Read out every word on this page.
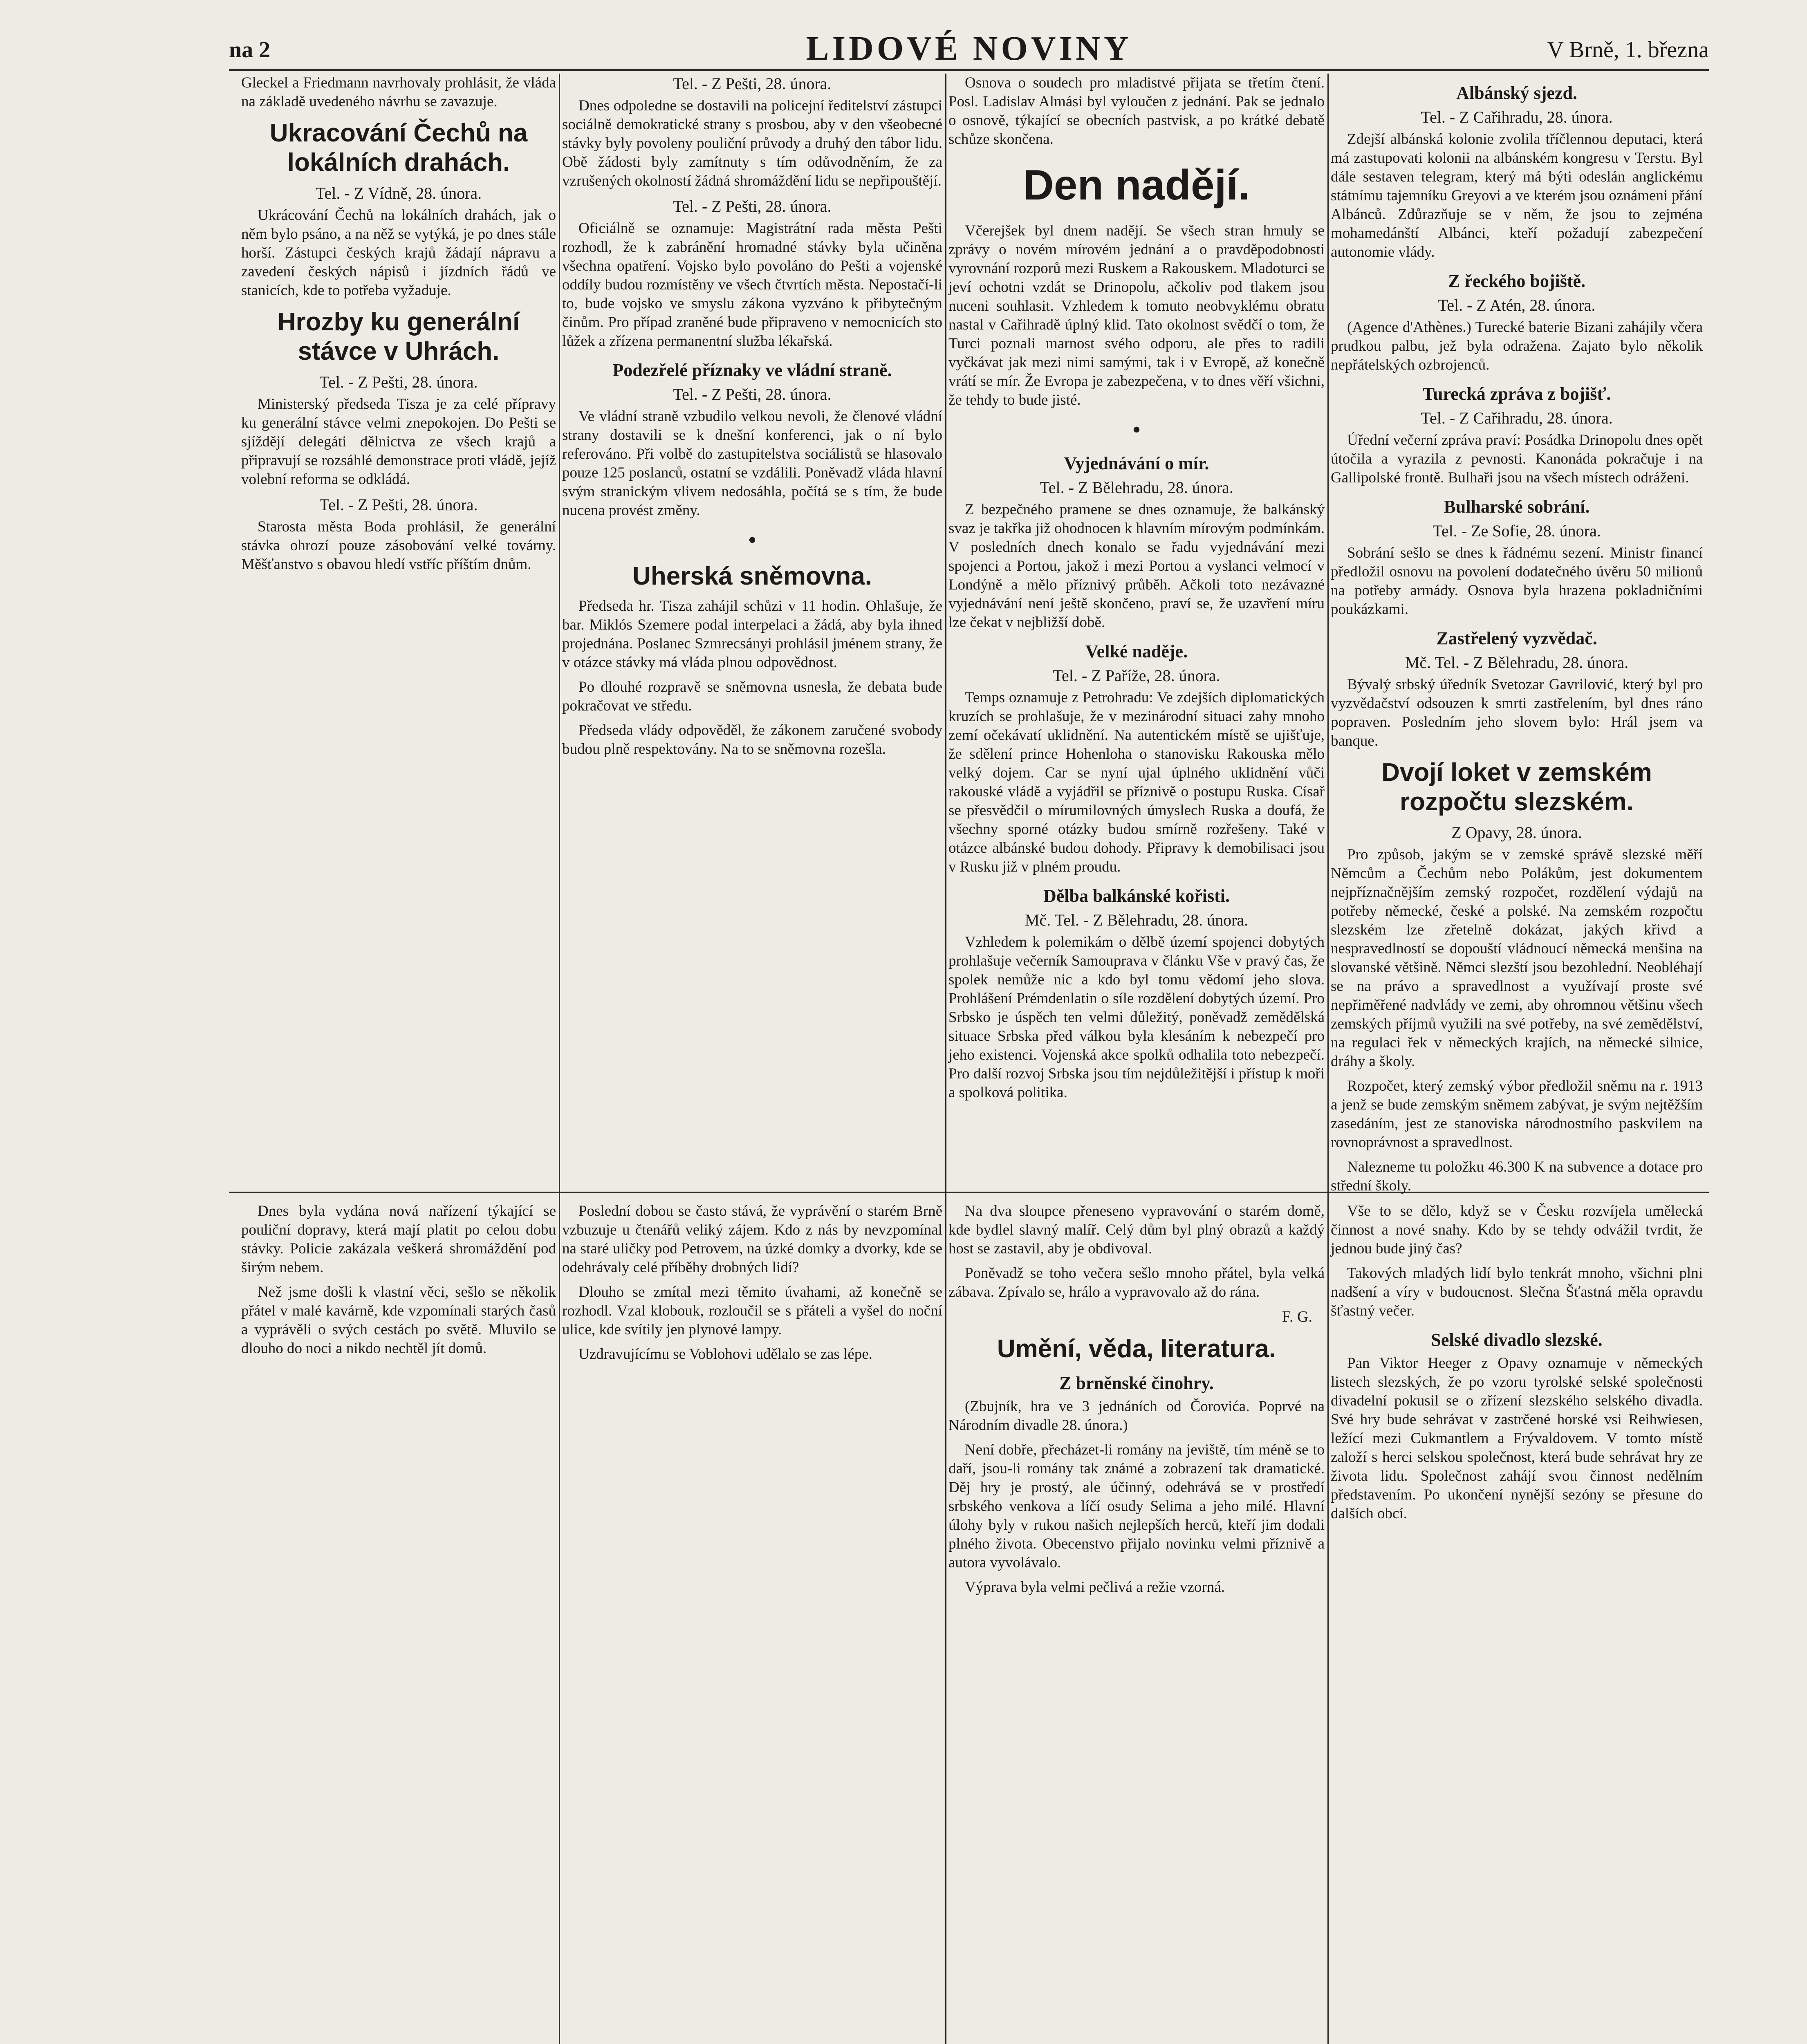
na 2	LIDOVÉ NOVINY	V Brně, 1. března

Gleckel a Friedmann navrhovaly prohlásit, že vláda na základě uvedeného návrhu se zavazuje.

Ukracování Čechů na lokálních drahách.
Tel. - Z Vídně, 28. února.

Ukrácování Čechů na lokálních drahách, jak o něm bylo psáno, a na něž se vytýká, je po dnes stále horší. Zástupci českých krajů žádají nápravu a zavedení českých nápisů i jízdních řádů ve stanicích, kde to potřeba vyžaduje.

Hrozby ku generální stávce v Uhrách.
Tel. - Z Pešti, 28. února.

Ministerský předseda Tisza je za celé přípravy ku generální stávce velmi znepokojen. Do Pešti se sjíždějí delegáti dělnictva ze všech krajů a připravují se rozsáhlé demonstrace proti vládě, jejíž volební reforma se odkládá.

Tel. - Z Pešti, 28. února.

Starosta města Boda prohlásil, že generální stávka ohrozí pouze zásobování velké továrny. Měšťanstvo s obavou hledí vstříc příštím dnům.

Dnes byla vydána nová nařízení týkající se pouliční dopravy, která mají platit po celou dobu stávky. Policie zakázala veškerá shromáždění pod širým nebem.

Než jsme došli k vlastní věci, sešlo se několik přátel v malé kavárně, kde vzpomínali starých časů a vyprávěli o svých cestách po světě. Mluvilo se dlouho do noci a nikdo nechtěl jít domů.

Tel. - Z Pešti, 28. února.

Dnes odpoledne se dostavili na policejní ředitelství zástupci sociálně demokratické strany s prosbou, aby v den všeobecné stávky byly povoleny pouliční průvody a druhý den tábor lidu. Obě žádosti byly zamítnuty s tím odůvodněním, že za vzrušených okolností žádná shromáždění lidu se nepřipouštějí.

Tel. - Z Pešti, 28. února.

Oficiálně se oznamuje: Magistrátní rada města Pešti rozhodl, že k zabránění hromadné stávky byla učiněna všechna opatření. Vojsko bylo povoláno do Pešti a vojenské oddíly budou rozmístěny ve všech čtvrtích města. Nepostačí-li to, bude vojsko ve smyslu zákona vyzváno k přibytečným činům. Pro případ zraněné bude připraveno v nemocnicích sto lůžek a zřízena permanentní služba lékařská.

Podezřelé příznaky ve vládní straně.
Tel. - Z Pešti, 28. února.

Ve vládní straně vzbudilo velkou nevoli, že členové vládní strany dostavili se k dnešní konferenci, jak o ní bylo referováno. Při volbě do zastupitelstva sociálistů se hlasovalo pouze 125 poslanců, ostatní se vzdálili. Poněvadž vláda hlavní svým stranickým vlivem nedosáhla, počítá se s tím, že bude nucena provést změny.

•
Uherská sněmovna.

Předseda hr. Tisza zahájil schůzi v 11 hodin. Ohlašuje, že bar. Miklós Szemere podal interpelaci a žádá, aby byla ihned projednána. Poslanec Szmrecsányi prohlásil jménem strany, že v otázce stávky má vláda plnou odpovědnost.

Po dlouhé rozpravě se sněmovna usnesla, že debata bude pokračovat ve středu.

Předseda vlády odpověděl, že zákonem zaručené svobody budou plně respektovány. Na to se sněmovna rozešla.

Poslední dobou se často stává, že vyprávění o starém Brně vzbuzuje u čtenářů veliký zájem. Kdo z nás by nevzpomínal na staré uličky pod Petrovem, na úzké domky a dvorky, kde se odehrávaly celé příběhy drobných lidí?

Dlouho se zmítal mezi těmito úvahami, až konečně se rozhodl. Vzal klobouk, rozloučil se s přáteli a vyšel do noční ulice, kde svítily jen plynové lampy.

Uzdravujícímu se Voblohovi udělalo se zas lépe.

Osnova o soudech pro mladistvé přijata se třetím čtení. Posl. Ladislav Almási byl vyloučen z jednání. Pak se jednalo o osnově, týkající se obecních pastvisk, a po krátké debatě schůze skončena.

Den nadějí.

Včerejšek byl dnem nadějí. Se všech stran hrnuly se zprávy o novém mírovém jednání a o pravděpodobnosti vyrovnání rozporů mezi Ruskem a Rakouskem. Mladoturci se jeví ochotni vzdát se Drinopolu, ačkoliv pod tlakem jsou nuceni souhlasit. Vzhledem k tomuto neobvyklému obratu nastal v Cařihradě úplný klid. Tato okolnost svědčí o tom, že Turci poznali marnost svého odporu, ale přes to radili vyčkávat jak mezi nimi samými, tak i v Evropě, až konečně vrátí se mír. Že Evropa je zabezpečena, v to dnes věří všichni, že tehdy to bude jisté.

•
Vyjednávání o mír.
Tel. - Z Bělehradu, 28. února.

Z bezpečného pramene se dnes oznamuje, že balkánský svaz je takřka již ohodnocen k hlavním mírovým podmínkám. V posledních dnech konalo se řadu vyjednávání mezi spojenci a Portou, jakož i mezi Portou a vyslanci velmocí v Londýně a mělo příznivý průběh. Ačkoli toto nezávazné vyjednávání není ještě skončeno, praví se, že uzavření míru lze čekat v nejbližší době.

Velké naděje.
Tel. - Z Paříže, 28. února.

Temps oznamuje z Petrohradu: Ve zdejších diplomatických kruzích se prohlašuje, že v mezinárodní situaci zahy mnoho zemí očekávatí uklidnění. Na autentickém místě se ujišťuje, že sdělení prince Hohenloha o stanovisku Rakouska mělo velký dojem. Car se nyní ujal úplného uklidnění vůči rakouské vládě a vyjádřil se příznivě o postupu Ruska. Císař se přesvědčil o mírumilovných úmyslech Ruska a doufá, že všechny sporné otázky budou smírně rozřešeny. Také v otázce albánské budou dohody. Připravy k demobilisaci jsou v Rusku již v plném proudu.

Dělba balkánské kořisti.
Mč. Tel. - Z Bělehradu, 28. února.

Vzhledem k polemikám o dělbě území spojenci dobytých prohlašuje večerník Samouprava v článku Vše v pravý čas, že spolek nemůže nic a kdo byl tomu vědomí jeho slova. Prohlášení Prémdenlatin o síle rozdělení dobytých území. Pro Srbsko je úspěch ten velmi důležitý, poněvadž zemědělská situace Srbska před válkou byla klesáním k nebezpečí pro jeho existenci. Vojenská akce spolků odhalila toto nebezpečí. Pro další rozvoj Srbska jsou tím nejdůležitější i přístup k moři a spolková politika.

Na dva sloupce přeneseno vypravování o starém domě, kde bydlel slavný malíř. Celý dům byl plný obrazů a každý host se zastavil, aby je obdivoval.

Poněvadž se toho večera sešlo mnoho přátel, byla velká zábava. Zpívalo se, hrálo a vypravovalo až do rána.

F. G.
Umění, věda, literatura.
Z brněnské činohry.

(Zbujník, hra ve 3 jednáních od Čorovića. Poprvé na Národním divadle 28. února.)

Není dobře, přecházet-li romány na jeviště, tím méně se to daří, jsou-li romány tak známé a zobrazení tak dramatické. Děj hry je prostý, ale účinný, odehrává se v prostředí srbského venkova a líčí osudy Selima a jeho milé. Hlavní úlohy byly v rukou našich nejlepších herců, kteří jim dodali plného života. Obecenstvo přijalo novinku velmi příznivě a autora vyvolávalo.

Výprava byla velmi pečlivá a režie vzorná.

Albánský sjezd.
Tel. - Z Cařihradu, 28. února.

Zdejší albánská kolonie zvolila tříčlennou deputaci, která má zastupovati kolonii na albánském kongresu v Terstu. Byl dále sestaven telegram, který má býti odeslán anglickému státnímu tajemníku Greyovi a ve kterém jsou oznámeni přání Albánců. Zdůrazňuje se v něm, že jsou to zejména mohamedánští Albánci, kteří požadují zabezpečení autonomie vlády.

Z řeckého bojiště.
Tel. - Z Atén, 28. února.

(Agence d'Athènes.) Turecké baterie Bizani zahájily včera prudkou palbu, jež byla odražena. Zajato bylo několik nepřátelských ozbrojenců.

Turecká zpráva z bojišť.
Tel. - Z Cařihradu, 28. února.

Úřední večerní zpráva praví: Posádka Drinopolu dnes opět útočila a vyrazila z pevnosti. Kanonáda pokračuje i na Gallipolské frontě. Bulhaři jsou na všech místech odráženi.

Bulharské sobrání.
Tel. - Ze Sofie, 28. února.

Sobrání sešlo se dnes k řádnému sezení. Ministr financí předložil osnovu na povolení dodatečného úvěru 50 milionů na potřeby armády. Osnova byla hrazena pokladničními poukázkami.

Zastřelený vyzvědač.
Mč. Tel. - Z Bělehradu, 28. února.

Bývalý srbský úředník Svetozar Gavrilović, který byl pro vyzvědačství odsouzen k smrti zastřelením, byl dnes ráno popraven. Posledním jeho slovem bylo: Hrál jsem va banque.

Dvojí loket v zemském rozpočtu slezském.
Z Opavy, 28. února.

Pro způsob, jakým se v zemské správě slezské měří Němcům a Čechům nebo Polákům, jest dokumentem nejpříznačnějším zemský rozpočet, rozdělení výdajů na potřeby německé, české a polské. Na zemském rozpočtu slezském lze zřetelně dokázat, jakých křivd a nespravedlností se dopouští vládnoucí německá menšina na slovanské většině. Němci slezští jsou bezohlední. Neobléhají se na právo a spravedlnost a využívají proste své nepřiměřené nadvlády ve zemi, aby ohromnou většinu všech zemských příjmů využili na své potřeby, na své zemědělství, na regulaci řek v německých krajích, na německé silnice, dráhy a školy.

Rozpočet, který zemský výbor předložil sněmu na r. 1913 a jenž se bude zemským sněmem zabývat, je svým nejtěžším zasedáním, jest ze stanoviska národnostního paskvilem na rovnoprávnost a spravedlnost.

Nalezneme tu položku 46.300 K na subvence a dotace pro střední školy.

Vše to se dělo, když se v Česku rozvíjela umělecká činnost a nové snahy. Kdo by se tehdy odvážil tvrdit, že jednou bude jiný čas?

Takových mladých lidí bylo tenkrát mnoho, všichni plni nadšení a víry v budoucnost. Slečna Šťastná měla opravdu šťastný večer.

Selské divadlo slezské.

Pan Viktor Heeger z Opavy oznamuje v německých listech slezských, že po vzoru tyrolské selské společnosti divadelní pokusil se o zřízení slezského selského divadla. Své hry bude sehrávat v zastrčené horské vsi Reihwiesen, ležící mezi Cukmantlem a Frývaldovem. V tomto místě založí s herci selskou společnost, která bude sehrávat hry ze života lidu. Společnost zahájí svou činnost nedělním představením. Po ukončení nynější sezóny se přesune do dalších obcí.
